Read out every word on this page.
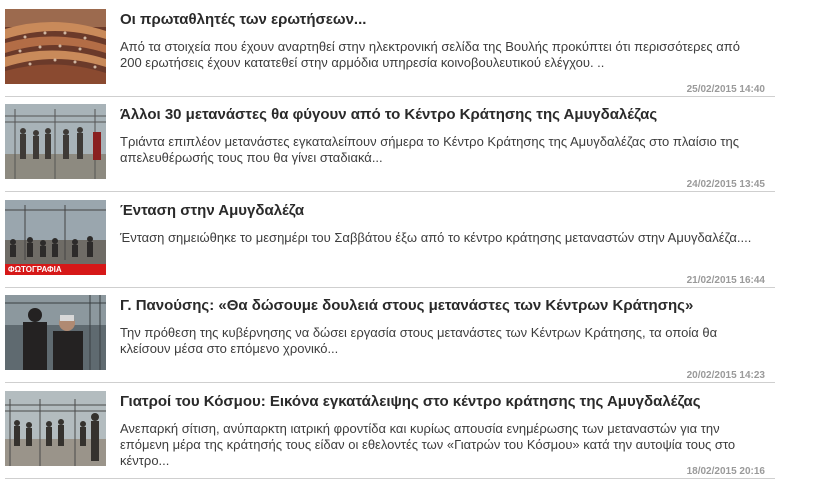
Οι πρωταθλητές των ερωτήσεων...
Από τα στοιχεία που έχουν αναρτηθεί στην ηλεκτρονική σελίδα της Βουλής προκύπτει ότι περισσότερες από 200 ερωτήσεις έχουν κατατεθεί στην αρμόδια υπηρεσία κοινοβουλευτικού ελέγχου. ..
25/02/2015 14:40
Άλλοι 30 μετανάστες θα φύγουν από το Κέντρο Κράτησης της Αμυγδαλέζας
Τριάντα επιπλέον μετανάστες εγκαταλείπουν σήμερα το Κέντρο Κράτησης της Αμυγδαλέζας στο πλαίσιο της απελευθέρωσής τους που θα γίνει σταδιακά...
24/02/2015 13:45
ΦΩΤΟΓΡΑΦΙΑ
Ένταση στην Αμυγδαλέζα
Ένταση σημειώθηκε το μεσημέρι του Σαββάτου έξω από το κέντρο κράτησης μεταναστών στην Αμυγδαλέζα....
21/02/2015 16:44
Γ. Πανούσης: «Θα δώσουμε δουλειά στους μετανάστες των Κέντρων Κράτησης»
Την πρόθεση της κυβέρνησης να δώσει εργασία στους μετανάστες των Κέντρων Κράτησης, τα οποία θα κλείσουν μέσα στο επόμενο χρονικό...
20/02/2015 14:23
Γιατροί του Κόσμου: Εικόνα εγκατάλειψης στο κέντρο κράτησης της Αμυγδαλέζας
Ανεπαρκή σίτιση, ανύπαρκτη ιατρική φροντίδα και κυρίως απουσία ενημέρωσης των μεταναστών για την επόμενη μέρα της κράτησής τους είδαν οι εθελοντές των «Γιατρών του Κόσμου» κατά την αυτοψία τους στο κέντρο...
18/02/2015 20:16
